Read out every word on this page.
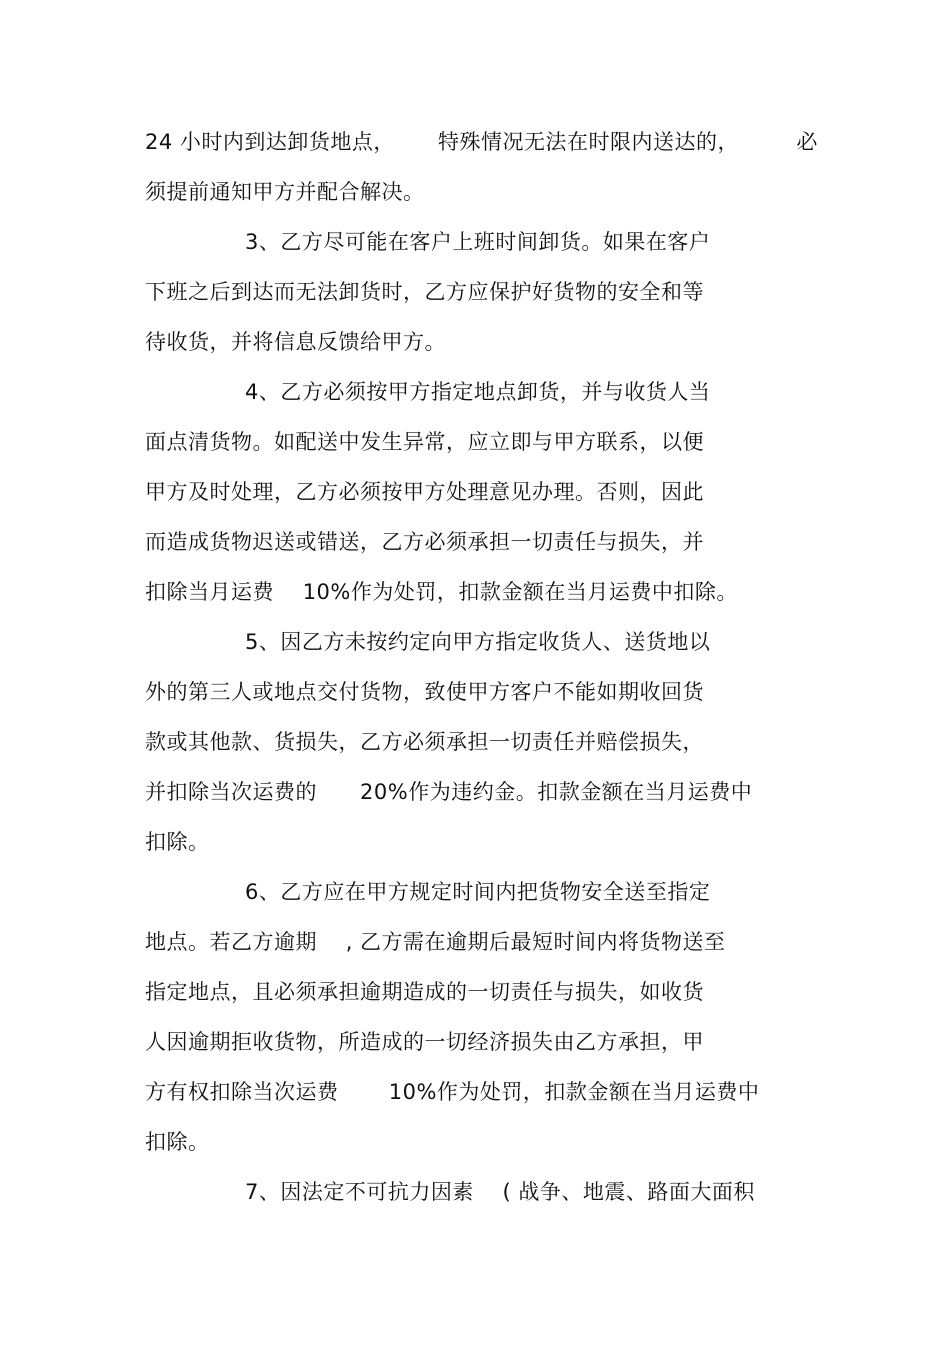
24 小时内到达卸货地点，      特殊情况无法在时限内送达的，        必
须提前通知甲方并配合解决。
3、乙方尽可能在客户上班时间卸货。如果在客户
下班之后到达而无法卸货时，乙方应保护好货物的安全和等
待收货，并将信息反馈给甲方。
4、乙方必须按甲方指定地点卸货，并与收货人当
面点清货物。如配送中发生异常，应立即与甲方联系，以便
甲方及时处理，乙方必须按甲方处理意见办理。否则，因此
而造成货物迟送或错送，乙方必须承担一切责任与损失，并
扣除当月运费    10%作为处罚，扣款金额在当月运费中扣除。
5、因乙方未按约定向甲方指定收货人、送货地以
外的第三人或地点交付货物，致使甲方客户不能如期收回货
款或其他款、货损失，乙方必须承担一切责任并赔偿损失，
并扣除当次运费的      20%作为违约金。扣款金额在当月运费中
扣除。
6、乙方应在甲方规定时间内把货物安全送至指定
地点。若乙方逾期    , 乙方需在逾期后最短时间内将货物送至
指定地点，且必须承担逾期造成的一切责任与损失，如收货
人因逾期拒收货物，所造成的一切经济损失由乙方承担，甲
方有权扣除当次运费       10%作为处罚，扣款金额在当月运费中
扣除。
7、因法定不可抗力因素    ( 战争、地震、路面大面积
